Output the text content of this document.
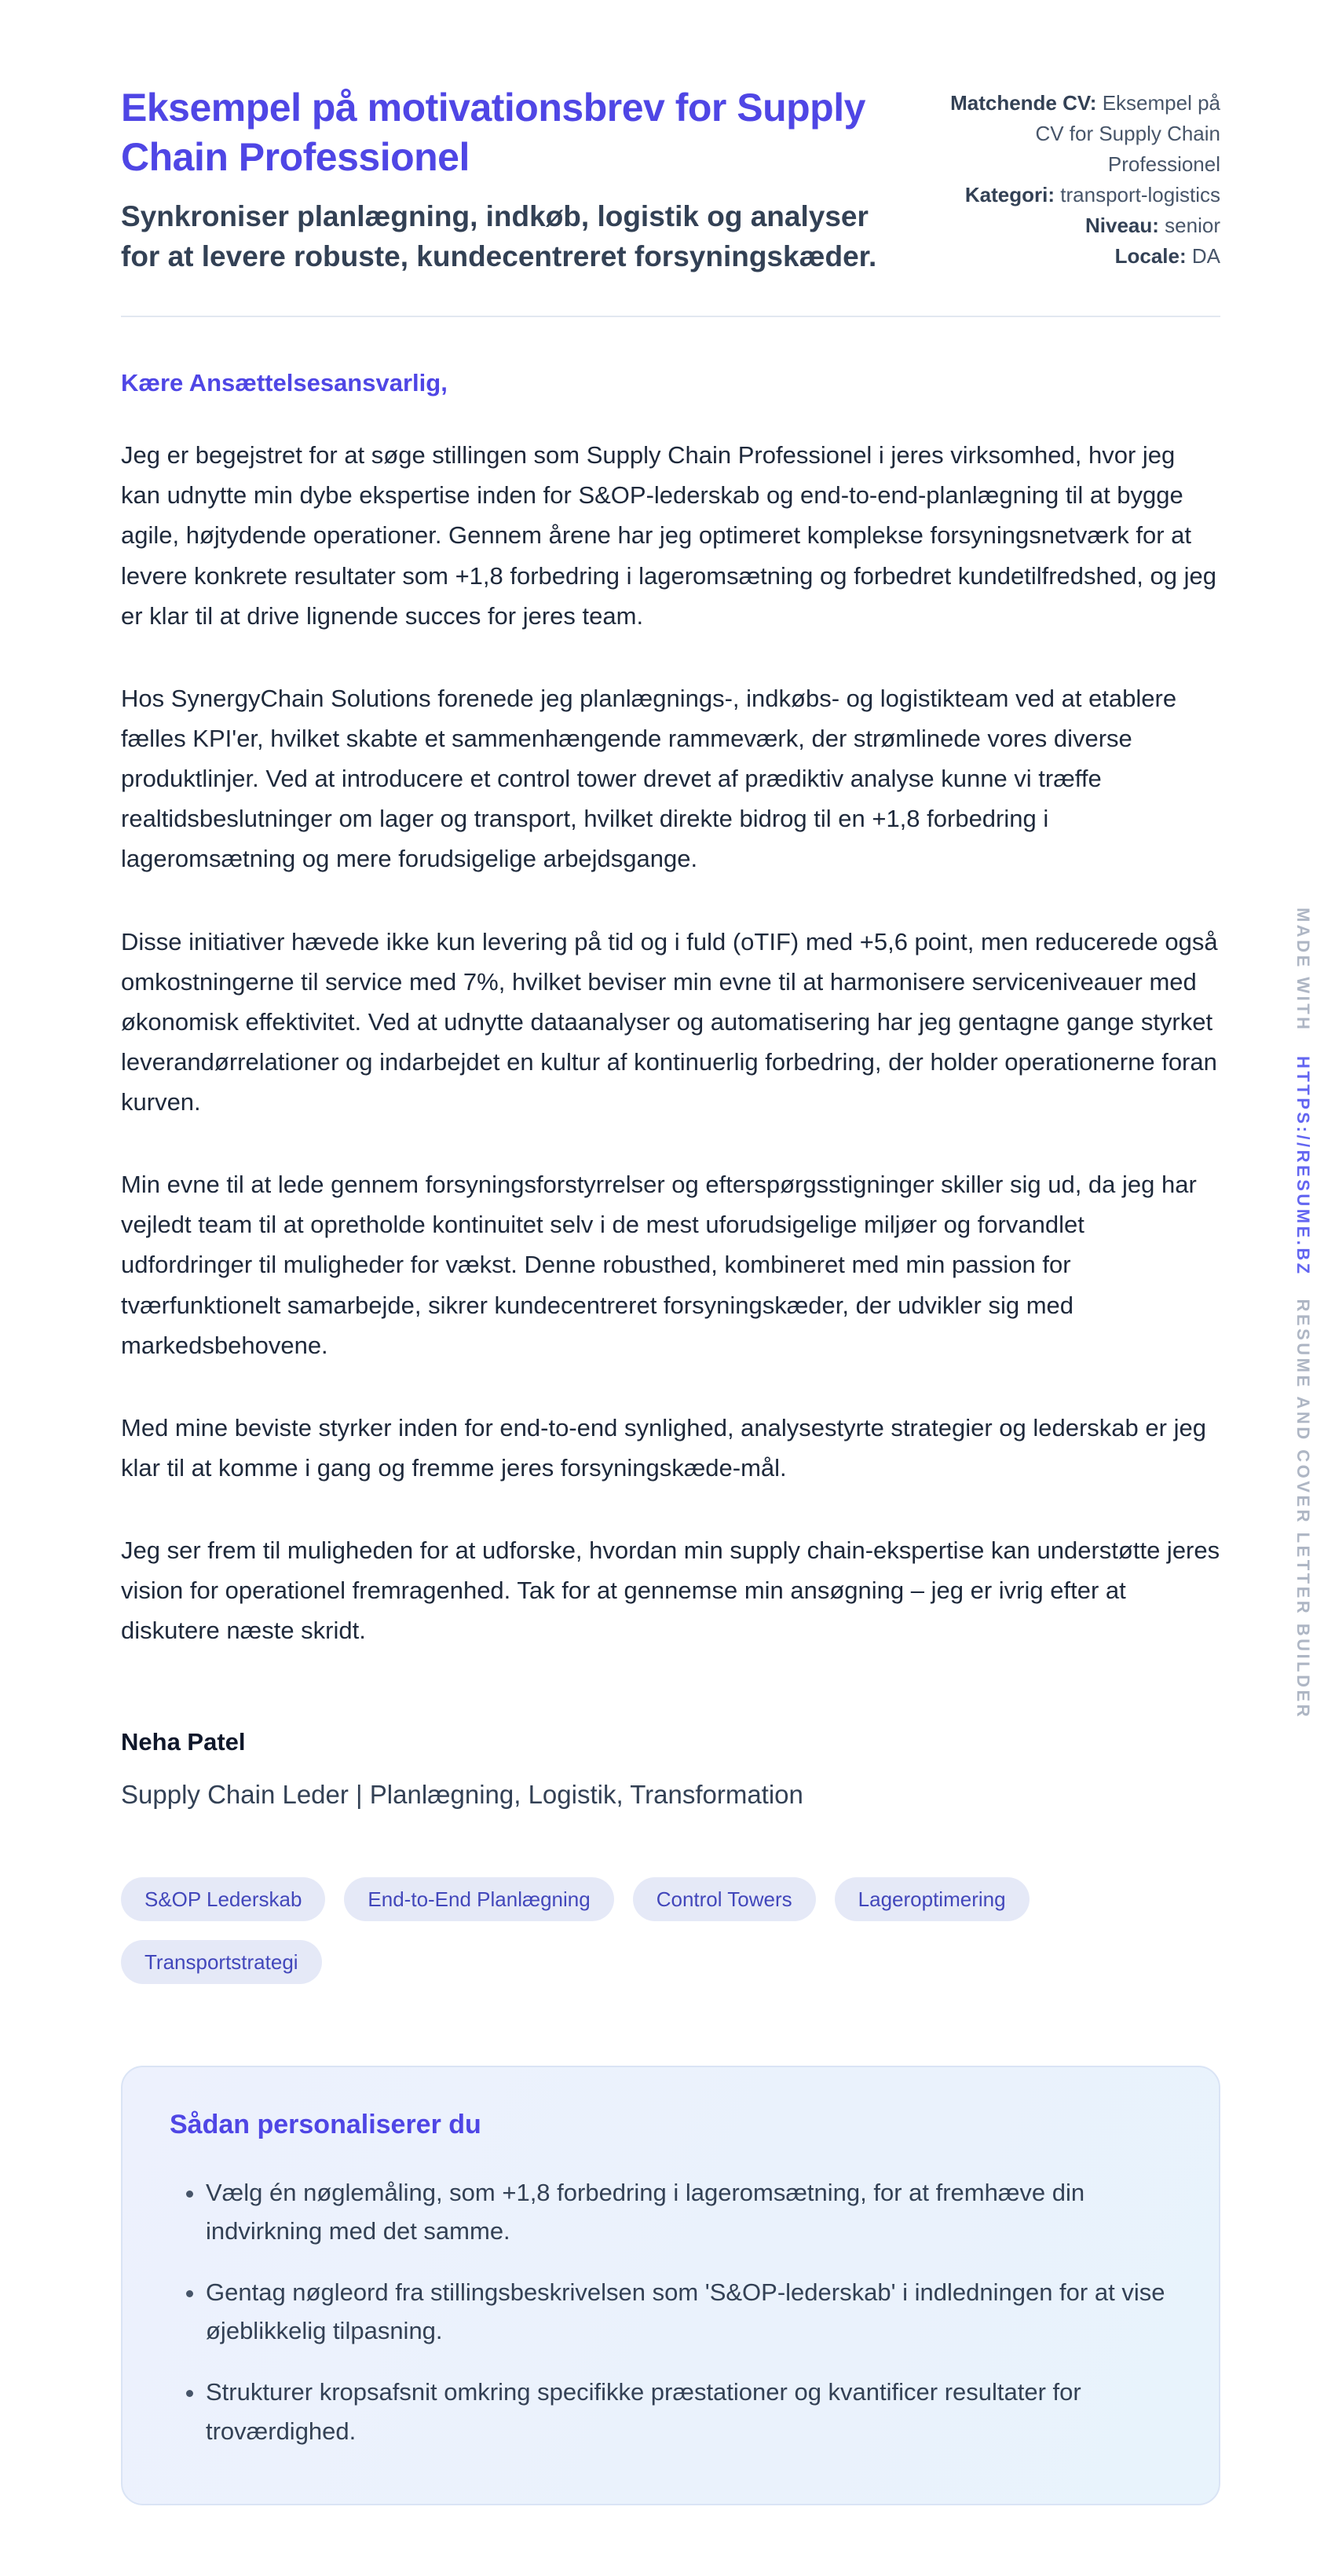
Eksempel på motivationsbrev for Supply Chain Professionel

Synkroniser planlægning, indkøb, logistik og analyser for at levere robuste, kundecentreret forsyningskæder.

Matchende CV: Eksempel på CV for Supply Chain Professionel
Kategori: transport-logistics
Niveau: senior
Locale: DA

Kære Ansættelsesansvarlig,

Jeg er begejstret for at søge stillingen som Supply Chain Professionel i jeres virksomhed, hvor jeg kan udnytte min dybe ekspertise inden for S&OP-lederskab og end-to-end-planlægning til at bygge agile, højtydende operationer. Gennem årene har jeg optimeret komplekse forsyningsnetværk for at levere konkrete resultater som +1,8 forbedring i lageromsætning og forbedret kundetilfredshed, og jeg er klar til at drive lignende succes for jeres team.

Hos SynergyChain Solutions forenede jeg planlægnings-, indkøbs- og logistikteam ved at etablere fælles KPI'er, hvilket skabte et sammenhængende rammeværk, der strømlinede vores diverse produktlinjer. Ved at introducere et control tower drevet af prædiktiv analyse kunne vi træffe realtidsbeslutninger om lager og transport, hvilket direkte bidrog til en +1,8 forbedring i lageromsætning og mere forudsigelige arbejdsgange.

Disse initiativer hævede ikke kun levering på tid og i fuld (oTIF) med +5,6 point, men reducerede også omkostningerne til service med 7%, hvilket beviser min evne til at harmonisere serviceniveauer med økonomisk effektivitet. Ved at udnytte dataanalyser og automatisering har jeg gentagne gange styrket leverandørrelationer og indarbejdet en kultur af kontinuerlig forbedring, der holder operationerne foran kurven.

Min evne til at lede gennem forsyningsforstyrrelser og efterspørgsstigninger skiller sig ud, da jeg har vejledt team til at opretholde kontinuitet selv i de mest uforudsigelige miljøer og forvandlet udfordringer til muligheder for vækst. Denne robusthed, kombineret med min passion for tværfunktionelt samarbejde, sikrer kundecentreret forsyningskæder, der udvikler sig med markedsbehovene.

Med mine beviste styrker inden for end-to-end synlighed, analysestyrte strategier og lederskab er jeg klar til at komme i gang og fremme jeres forsyningskæde-mål.

Jeg ser frem til muligheden for at udforske, hvordan min supply chain-ekspertise kan understøtte jeres vision for operationel fremragenhed. Tak for at gennemse min ansøgning – jeg er ivrig efter at diskutere næste skridt.

Neha Patel

Supply Chain Leder | Planlægning, Logistik, Transformation

S&OP Lederskab	End-to-End Planlægning	Control Towers	Lageroptimering
Transportstrategi
Sådan personaliserer du
• Vælg én nøglemåling, som +1,8 forbedring i lageromsætning, for at fremhæve din indvirkning med det samme.
• Gentag nøgleord fra stillingsbeskrivelsen som 'S&OP-lederskab' i indledningen for at vise øjeblikkelig tilpasning.
• Strukturer kropsafsnit omkring specifikke præstationer og kvantificer resultater for troværdighed.
MADE WITH HTTPS://RESUME.BZ RESUME AND COVER LETTER BUILDER
